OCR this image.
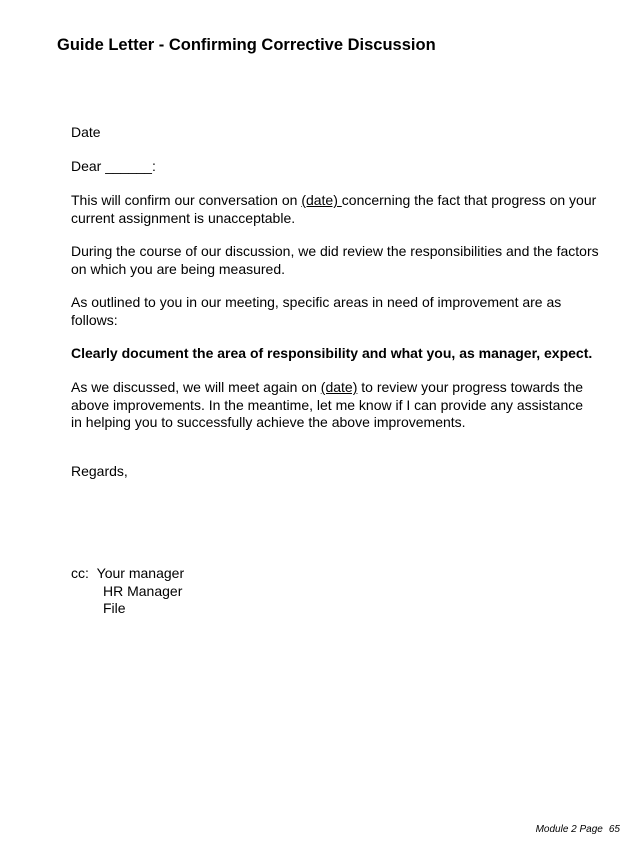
Guide Letter - Confirming Corrective Discussion
Date
Dear ______:
This will confirm our conversation on (date) concerning the fact that progress on your
current assignment is unacceptable.
During the course of our discussion, we did review the responsibilities and the factors
on which you are being measured.
As outlined to you in our meeting, specific areas in need of improvement are as
follows:
Clearly document the area of responsibility and what you, as manager, expect.
As we discussed, we will meet again on (date) to review your progress towards the
above improvements. In the meantime, let me know if I can provide any assistance
in helping you to successfully achieve the above improvements.
Regards,
cc: Your manager
HR Manager
File
Module 2 Page 65
